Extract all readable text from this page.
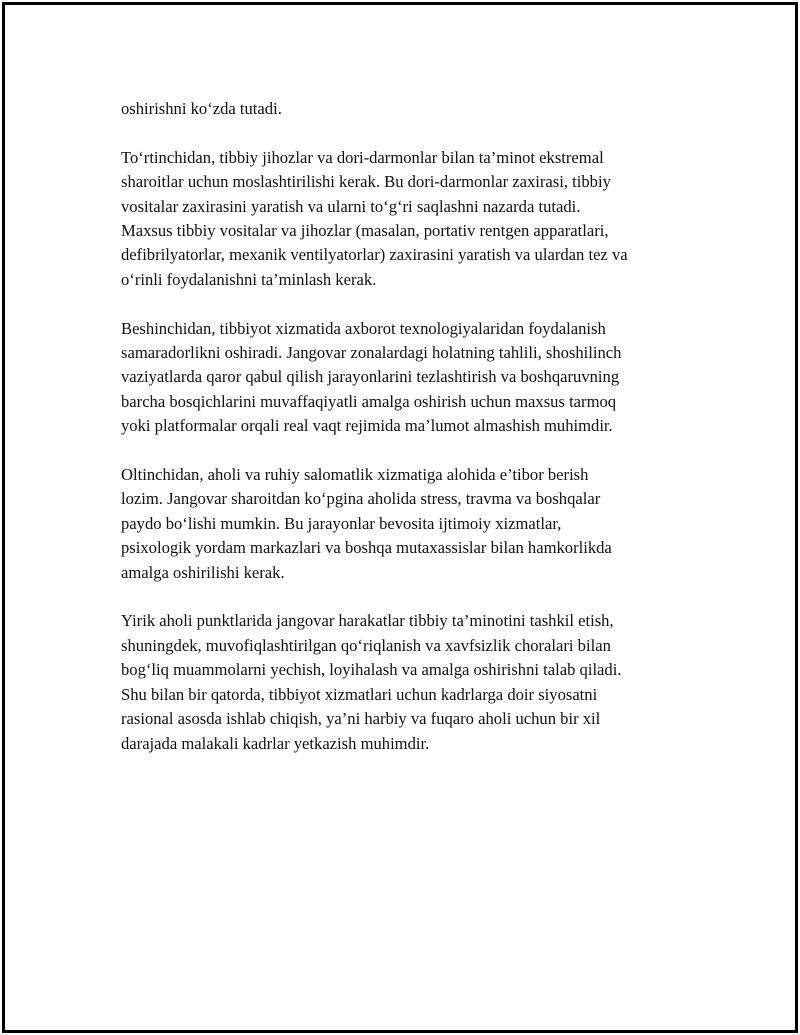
oshirishni ko‘zda tutadi.

To‘rtinchidan, tibbiy jihozlar va dori-darmonlar bilan ta’minot ekstremal
sharoitlar uchun moslashtirilishi kerak. Bu dori-darmonlar zaxirasi, tibbiy
vositalar zaxirasini yaratish va ularni to‘g‘ri saqlashni nazarda tutadi.
Maxsus tibbiy vositalar va jihozlar (masalan, portativ rentgen apparatlari,
defibrilyatorlar, mexanik ventilyatorlar) zaxirasini yaratish va ulardan tez va
o‘rinli foydalanishni ta’minlash kerak.

Beshinchidan, tibbiyot xizmatida axborot texnologiyalaridan foydalanish
samaradorlikni oshiradi. Jangovar zonalardagi holatning tahlili, shoshilinch
vaziyatlarda qaror qabul qilish jarayonlarini tezlashtirish va boshqaruvning
barcha bosqichlarini muvaffaqiyatli amalga oshirish uchun maxsus tarmoq
yoki platformalar orqali real vaqt rejimida ma’lumot almashish muhimdir.

Oltinchidan, aholi va ruhiy salomatlik xizmatiga alohida e’tibor berish
lozim. Jangovar sharoitdan ko‘pgina aholida stress, travma va boshqalar
paydo bo‘lishi mumkin. Bu jarayonlar bevosita ijtimoiy xizmatlar,
psixologik yordam markazlari va boshqa mutaxassislar bilan hamkorlikda
amalga oshirilishi kerak.

Yirik aholi punktlarida jangovar harakatlar tibbiy ta’minotini tashkil etish,
shuningdek, muvofiqlashtirilgan qo‘riqlanish va xavfsizlik choralari bilan
bog‘liq muammolarni yechish, loyihalash va amalga oshirishni talab qiladi.
Shu bilan bir qatorda, tibbiyot xizmatlari uchun kadrlarga doir siyosatni
rasional asosda ishlab chiqish, ya’ni harbiy va fuqaro aholi uchun bir xil
darajada malakali kadrlar yetkazish muhimdir.
